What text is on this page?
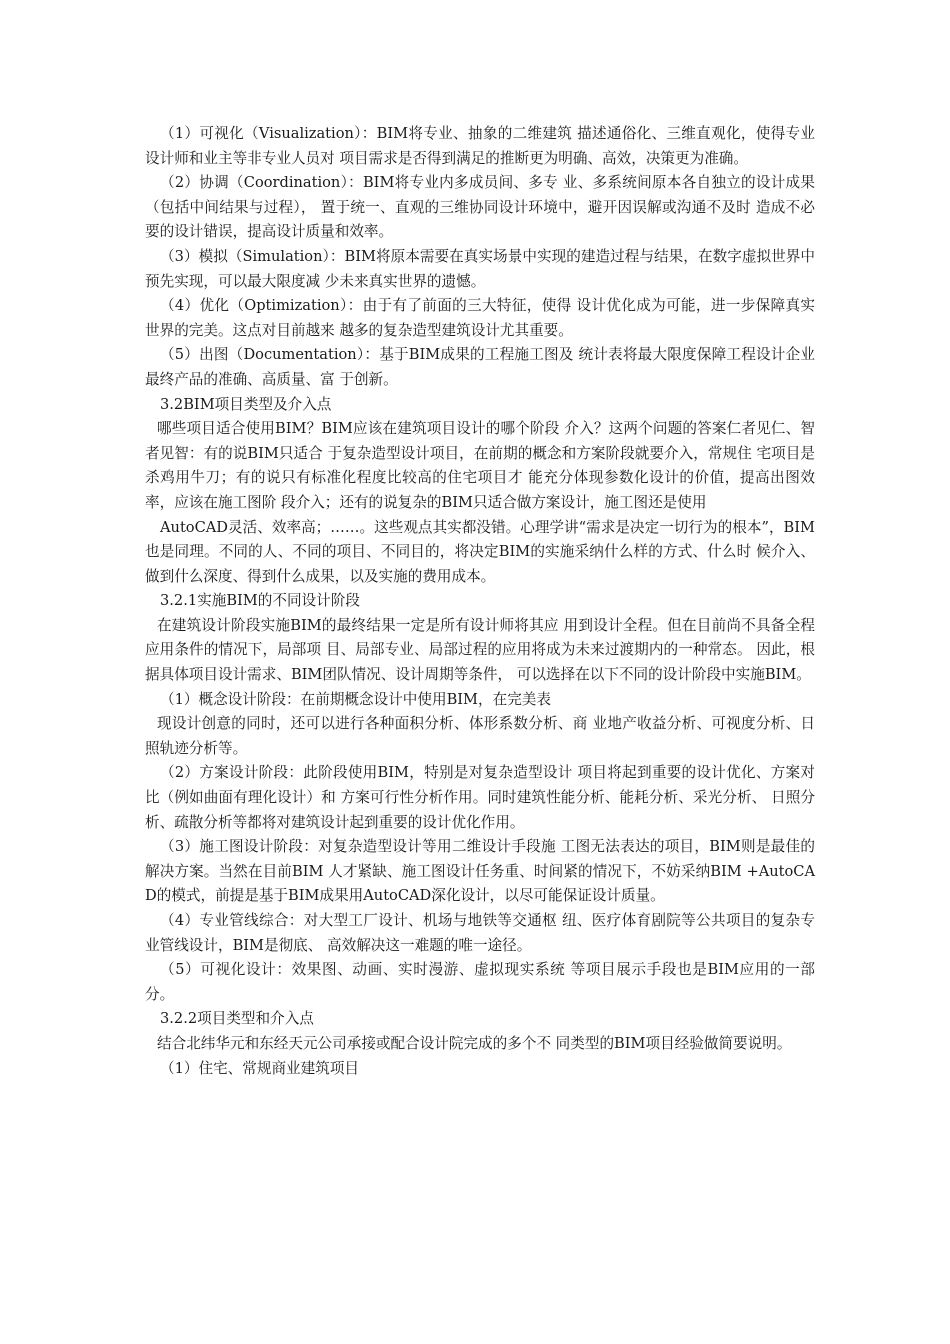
（1）可视化（Visualization）：BIM将专业、抽象的二维建筑 描述通俗化、三维直观化，使得专业设计师和业主等非专业人员对 项目需求是否得到满足的推断更为明确、高效，决策更为准确。

（2）协调（Coordination）：BIM将专业内多成员间、多专 业、多系统间原本各自独立的设计成果（包括中间结果与过程）， 置于统一、直观的三维协同设计环境中，避开因误解或沟通不及时 造成不必要的设计错误，提高设计质量和效率。

（3）模拟（Simulation）：BIM将原本需要在真实场景中实现的建造过程与结果，在数字虚拟世界中预先实现，可以最大限度减 少未来真实世界的遗憾。

（4）优化（Optimization）：由于有了前面的三大特征，使得 设计优化成为可能，进一步保障真实世界的完美。这点对目前越来 越多的复杂造型建筑设计尤其重要。

（5）出图（Documentation）：基于BIM成果的工程施工图及 统计表将最大限度保障工程设计企业最终产品的准确、高质量、富 于创新。

3.2BIM项目类型及介入点

哪些项目适合使用BIM？BIM应该在建筑项目设计的哪个阶段 介入？这两个问题的答案仁者见仁、智者见智：有的说BIM只适合 于复杂造型设计项目，在前期的概念和方案阶段就要介入，常规住 宅项目是杀鸡用牛刀；有的说只有标准化程度比较高的住宅项目才 能充分体现参数化设计的价值，提高出图效率，应该在施工图阶 段介入；还有的说复杂的BIM只适合做方案设计，施工图还是使用

AutoCAD灵活、效率高；……。这些观点其实都没错。心理学讲“需求是决定一切行为的根本”，BIM也是同理。不同的人、不同的项目、不同目的，将决定BIM的实施采纳什么样的方式、什么时 候介入、做到什么深度、得到什么成果，以及实施的费用成本。

3.2.1实施BIM的不同设计阶段

在建筑设计阶段实施BIM的最终结果一定是所有设计师将其应 用到设计全程。但在目前尚不具备全程应用条件的情况下，局部项 目、局部专业、局部过程的应用将成为未来过渡期内的一种常态。 因此，根据具体项目设计需求、BIM团队情况、设计周期等条件， 可以选择在以下不同的设计阶段中实施BIM。

（1）概念设计阶段：在前期概念设计中使用BIM，在完美表

现设计创意的同时，还可以进行各种面积分析、体形系数分析、商 业地产收益分析、可视度分析、日照轨迹分析等。

（2）方案设计阶段：此阶段使用BIM，特别是对复杂造型设计 项目将起到重要的设计优化、方案对比（例如曲面有理化设计）和 方案可行性分析作用。同时建筑性能分析、能耗分析、采光分析、 日照分析、疏散分析等都将对建筑设计起到重要的设计优化作用。

（3）施工图设计阶段：对复杂造型设计等用二维设计手段施 工图无法表达的项目，BIM则是最佳的解决方案。当然在目前BIM 人才紧缺、施工图设计任务重、时间紧的情况下，不妨采纳BIM +AutoCAD的模式，前提是基于BIM成果用AutoCAD深化设计，以尽可能保证设计质量。

（4）专业管线综合：对大型工厂设计、机场与地铁等交通枢 纽、医疗体育剧院等公共项目的复杂专业管线设计，BIM是彻底、 高效解决这一难题的唯一途径。

（5）可视化设计：效果图、动画、实时漫游、虚拟现实系统 等项目展示手段也是BIM应用的一部分。

3.2.2项目类型和介入点

结合北纬华元和东经天元公司承接或配合设计院完成的多个不 同类型的BIM项目经验做简要说明。

（1）住宅、常规商业建筑项目
